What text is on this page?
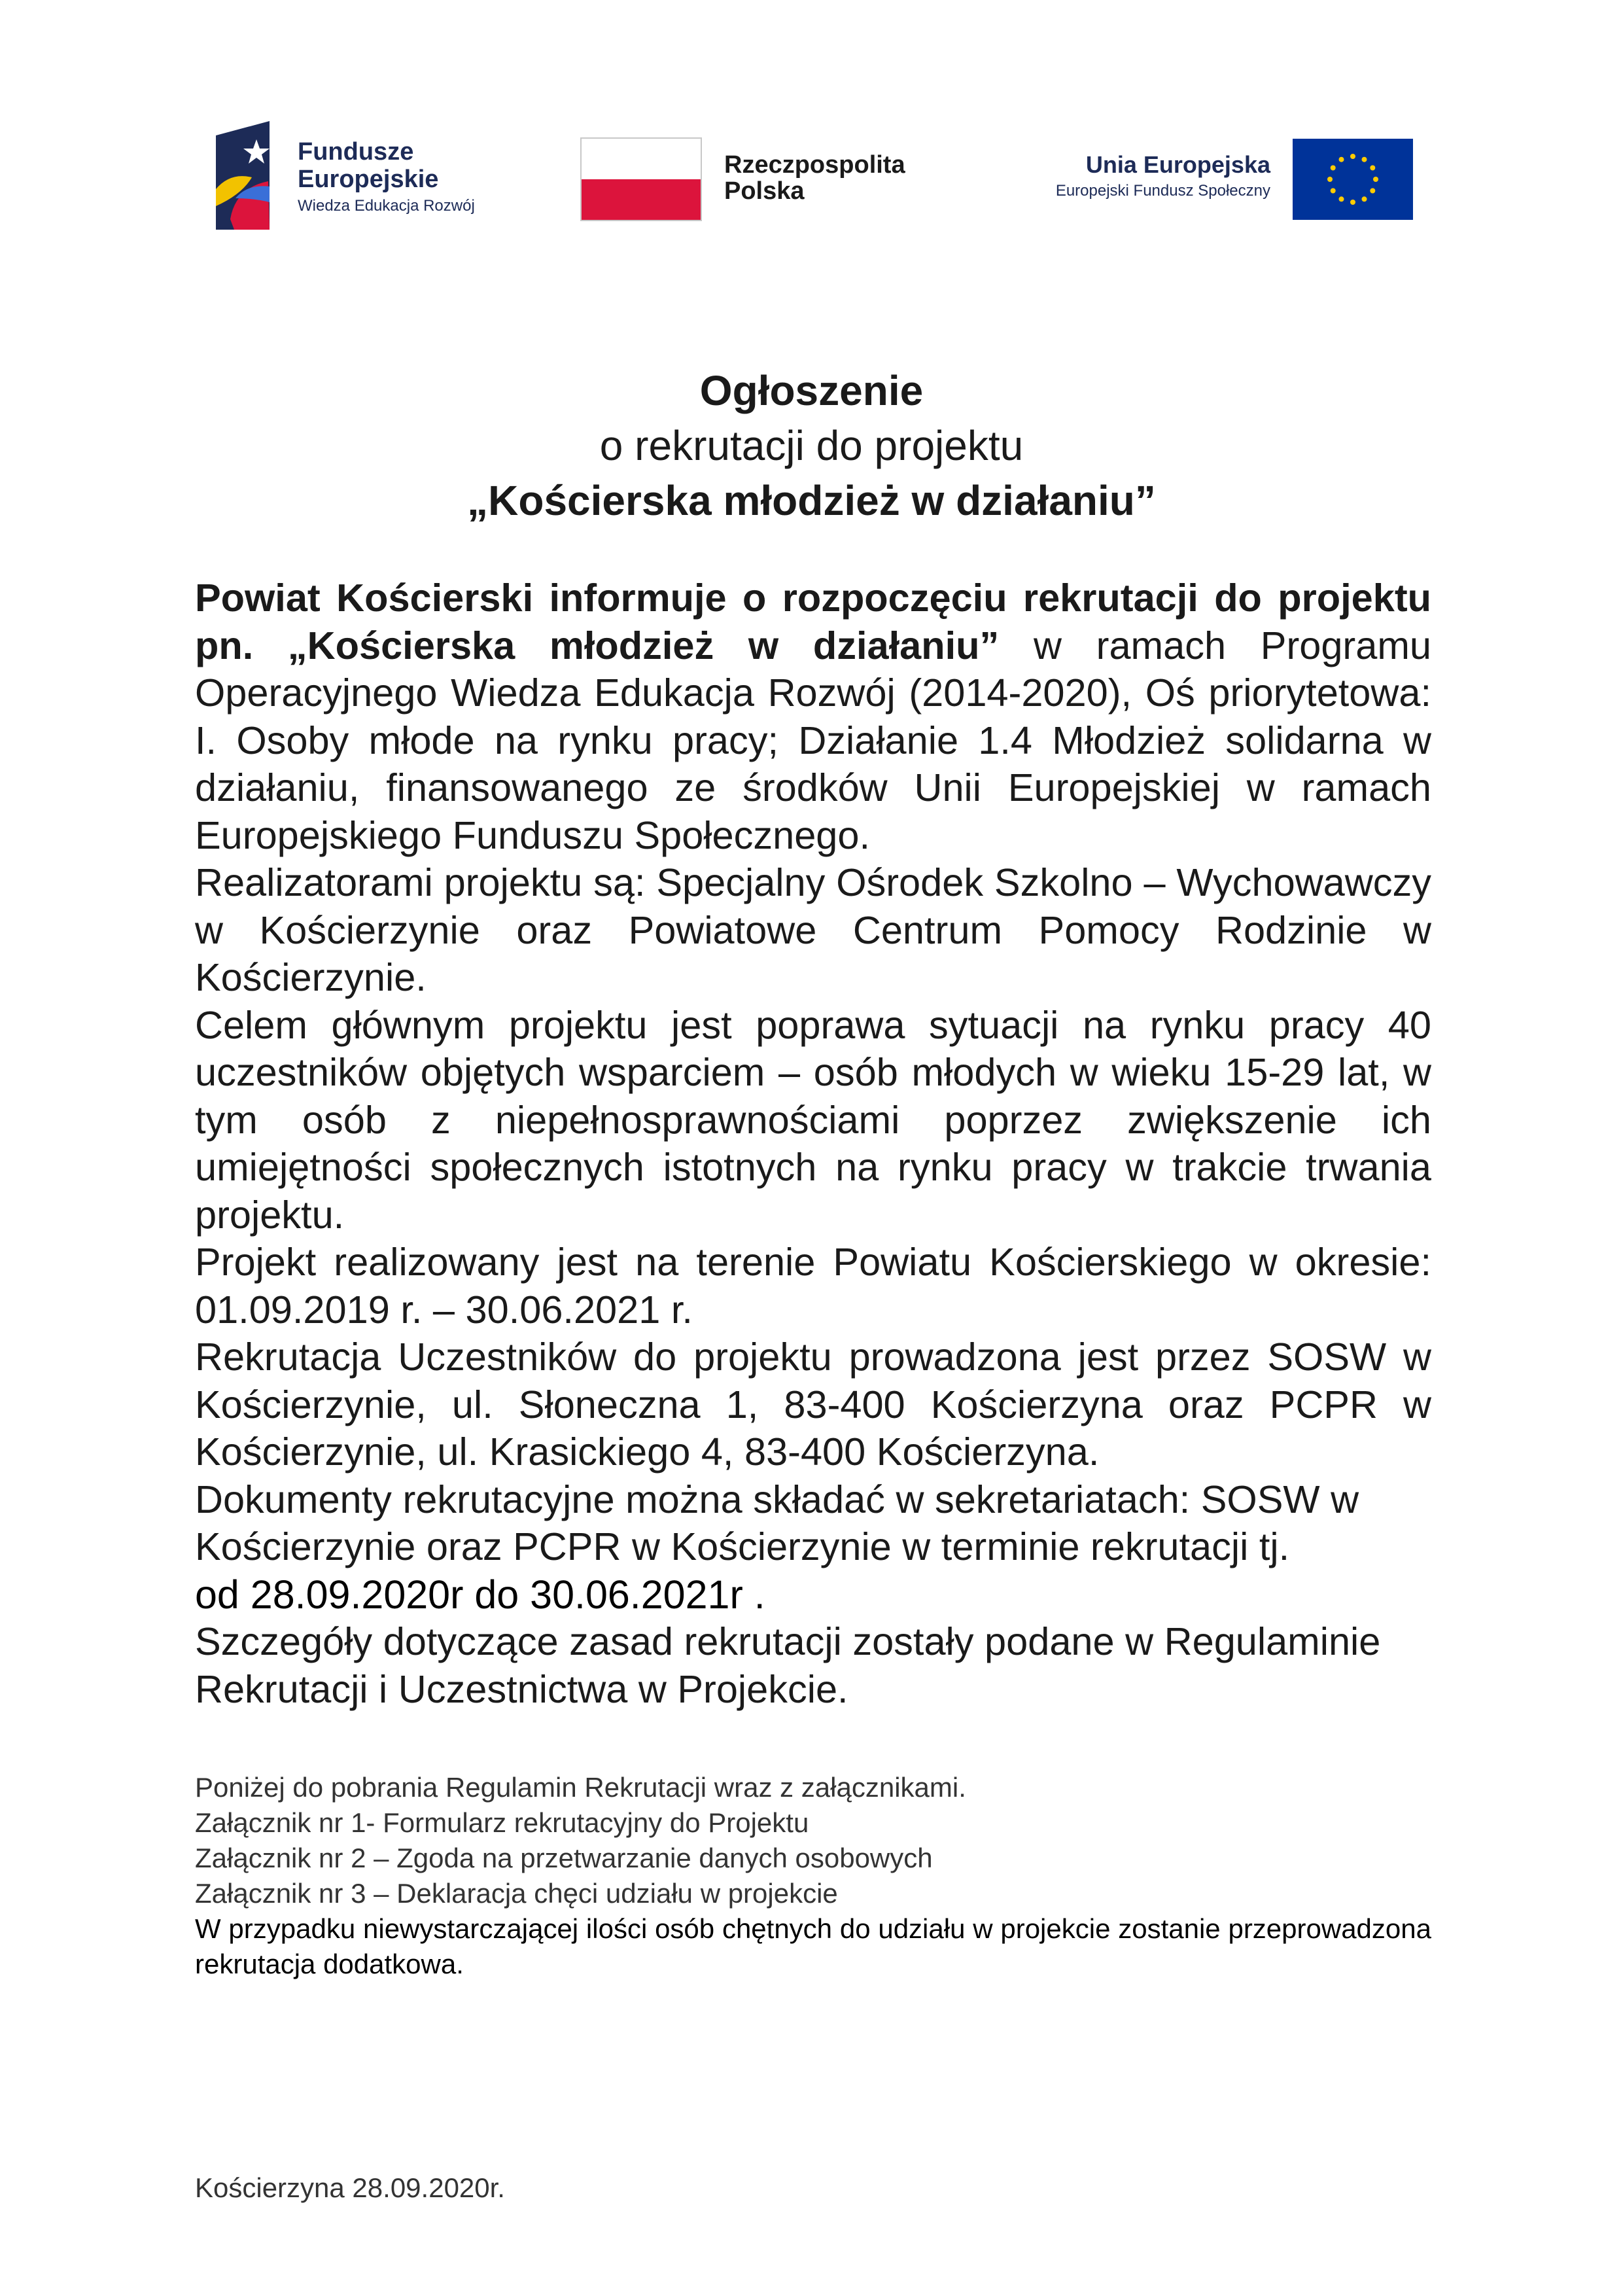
Fundusze
Europejskie
Wiedza Edukacja Rozwój
Rzeczpospolita
Polska
Unia Europejska
Europejski Fundusz Społeczny

Ogłoszenie

o rekrutacji do projektu

„Kościerska młodzież w działaniu”

Powiat Kościerski informuje o rozpoczęciu rekrutacji do projektu pn. „Kościerska młodzież w działaniu” w ramach Programu Operacyjnego Wiedza Edukacja Rozwój (2014-2020), Oś priorytetowa: I. Osoby młode na rynku pracy; Działanie 1.4 Młodzież solidarna w działaniu, finansowanego ze środków Unii Europejskiej w ramach Europejskiego Funduszu Społecznego.

Realizatorami projektu są: Specjalny Ośrodek Szkolno – Wychowawczy w Kościerzynie oraz Powiatowe Centrum Pomocy Rodzinie w Kościerzynie.

Celem głównym projektu jest poprawa sytuacji na rynku pracy 40 uczestników objętych wsparciem – osób młodych w wieku 15-29 lat, w tym osób z niepełnosprawnościami poprzez zwiększenie ich umiejętności społecznych istotnych na rynku pracy w trakcie trwania projektu.

Projekt realizowany jest na terenie Powiatu Kościerskiego w okresie: 01.09.2019 r. – 30.06.2021 r.

Rekrutacja Uczestników do projektu prowadzona jest przez SOSW w Kościerzynie, ul. Słoneczna 1, 83-400 Kościerzyna oraz PCPR w Kościerzynie, ul. Krasickiego 4, 83-400 Kościerzyna.

Dokumenty rekrutacyjne można składać w sekretariatach: SOSW w Kościerzynie oraz PCPR w Kościerzynie w terminie rekrutacji tj.

od 28.09.2020r do 30.06.2021r .

Szczegóły dotyczące zasad rekrutacji zostały podane w Regulaminie Rekrutacji i Uczestnictwa w Projekcie.

Poniżej do pobrania Regulamin Rekrutacji wraz z załącznikami.

Załącznik nr 1- Formularz rekrutacyjny do Projektu

Załącznik nr 2 – Zgoda na przetwarzanie danych osobowych

Załącznik nr 3 – Deklaracja chęci udziału w projekcie

W przypadku niewystarczającej ilości osób chętnych do udziału w projekcie zostanie przeprowadzona rekrutacja dodatkowa.

Kościerzyna 28.09.2020r.
